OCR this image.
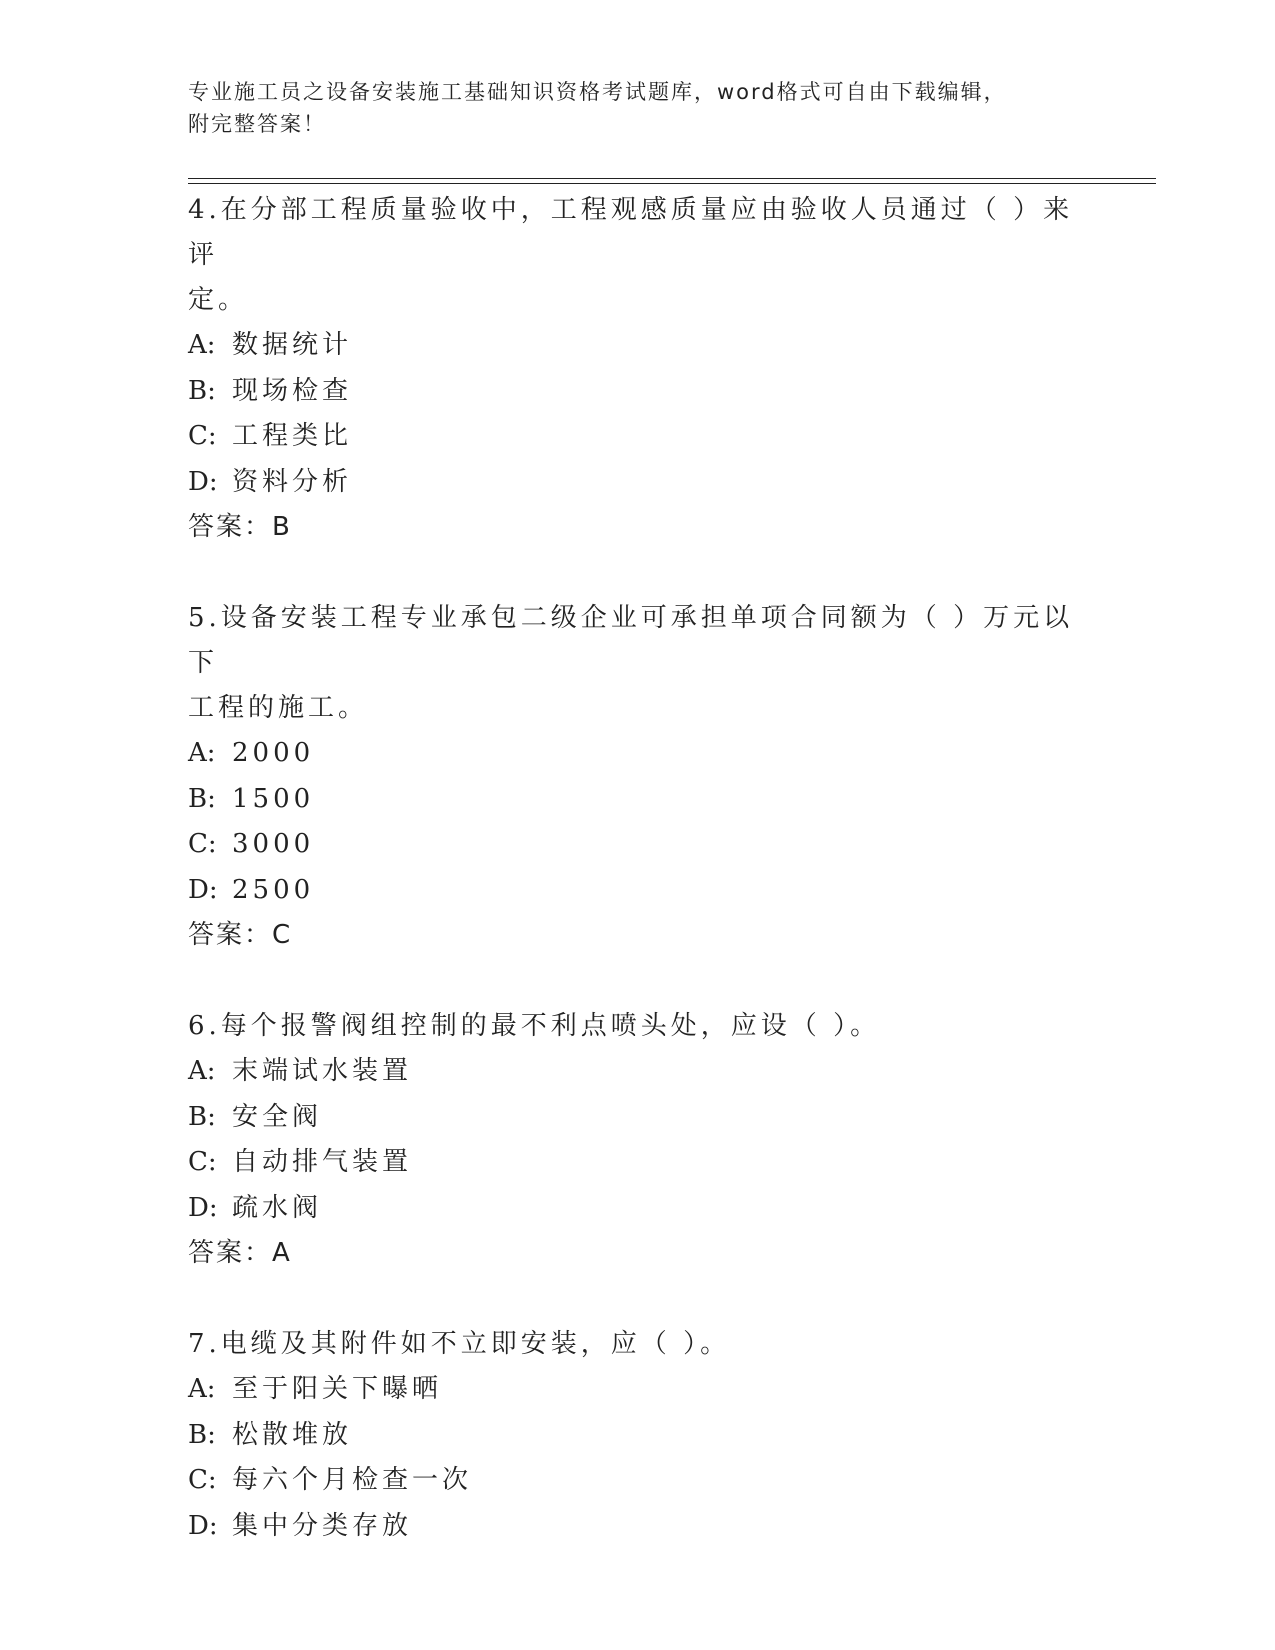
专业施工员之设备安装施工基础知识资格考试题库，word格式可自由下载编辑，
附完整答案！

4.在分部工程质量验收中，工程观感质量应由验收人员通过（ ）来评
定。

A: 数据统计

B: 现场检查

C: 工程类比

D: 资料分析

答案：B

5.设备安装工程专业承包二级企业可承担单项合同额为（ ）万元以下
工程的施工。

A: 2000

B: 1500

C: 3000

D: 2500

答案：C

6.每个报警阀组控制的最不利点喷头处，应设（ ）。

A: 末端试水装置

B: 安全阀

C: 自动排气装置

D: 疏水阀

答案：A

7.电缆及其附件如不立即安装，应（ ）。

A: 至于阳关下曝晒

B: 松散堆放

C: 每六个月检查一次

D: 集中分类存放
